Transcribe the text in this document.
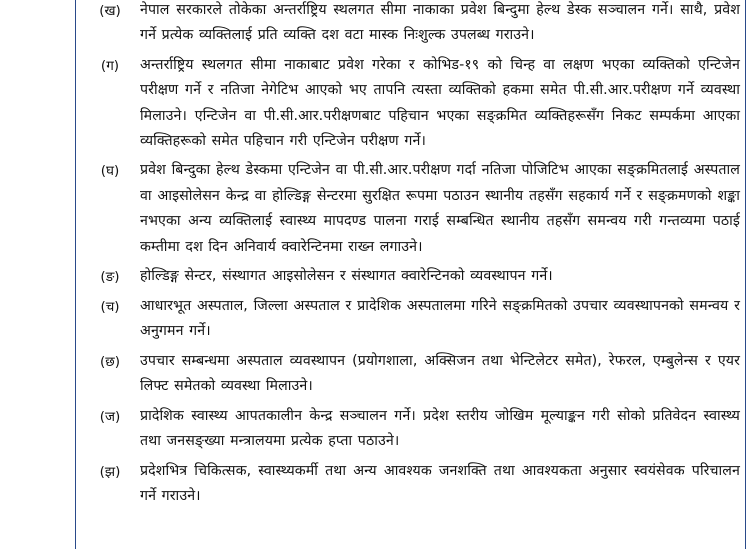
(ख)	नेपाल सरकारले तोकेका अन्तर्राष्ट्रिय स्थलगत सीमा नाकाका प्रवेश बिन्दुमा हेल्थ डेस्क सञ्चालन गर्ने। साथै, प्रवेश गर्ने प्रत्येक व्यक्तिलाई प्रति व्यक्ति दश वटा मास्क निःशुल्क उपलब्ध गराउने।
(ग)	अन्तर्राष्ट्रिय स्थलगत सीमा नाकाबाट प्रवेश गरेका र कोभिड-१९ को चिन्ह वा लक्षण भएका व्यक्तिको एन्टिजेन परीक्षण गर्ने र नतिजा नेगेटिभ आएको भए तापनि त्यस्ता व्यक्तिको हकमा समेत पी.सी.आर.परीक्षण गर्ने व्यवस्था मिलाउने। एन्टिजेन वा पी.सी.आर.परीक्षणबाट पहिचान भएका सङ्क्रमित व्यक्तिहरूसँग निकट सम्पर्कमा आएका व्यक्तिहरूको समेत पहिचान गरी एन्टिजेन परीक्षण गर्ने।
(घ)	प्रवेश बिन्दुका हेल्थ डेस्कमा एन्टिजेन वा पी.सी.आर.परीक्षण गर्दा नतिजा पोजिटिभ आएका सङ्क्रमितलाई अस्पताल वा आइसोलेसन केन्द्र वा होल्डिङ्ग सेन्टरमा सुरक्षित रूपमा पठाउन स्थानीय तहसँग सहकार्य गर्ने र सङ्क्रमणको शङ्का नभएका अन्य व्यक्तिलाई स्वास्थ्य मापदण्ड पालना गराई सम्बन्धित स्थानीय तहसँग समन्वय गरी गन्तव्यमा पठाई कम्तीमा दश दिन अनिवार्य क्वारेन्टिनमा राख्न लगाउने।
(ङ)	होल्डिङ्ग सेन्टर, संस्थागत आइसोलेसन र संस्थागत क्वारेन्टिनको व्यवस्थापन गर्ने।
(च)	आधारभूत अस्पताल, जिल्ला अस्पताल र प्रादेशिक अस्पतालमा गरिने सङ्क्रमितको उपचार व्यवस्थापनको समन्वय र अनुगमन गर्ने।
(छ)	उपचार सम्बन्धमा अस्पताल व्यवस्थापन (प्रयोगशाला, अक्सिजन तथा भेन्टिलेटर समेत), रेफरल, एम्बुलेन्स र एयर लिफ्ट समेतको व्यवस्था मिलाउने।
(ज)	प्रादेशिक स्वास्थ्य आपतकालीन केन्द्र सञ्चालन गर्ने। प्रदेश स्तरीय जोखिम मूल्याङ्कन गरी सोको प्रतिवेदन स्वास्थ्य तथा जनसङ्ख्या मन्त्रालयमा प्रत्येक हप्ता पठाउने।
(झ)	प्रदेशभित्र चिकित्सक, स्वास्थ्यकर्मी तथा अन्य आवश्यक जनशक्ति तथा आवश्यकता अनुसार स्वयंसेवक परिचालन गर्ने गराउने।
